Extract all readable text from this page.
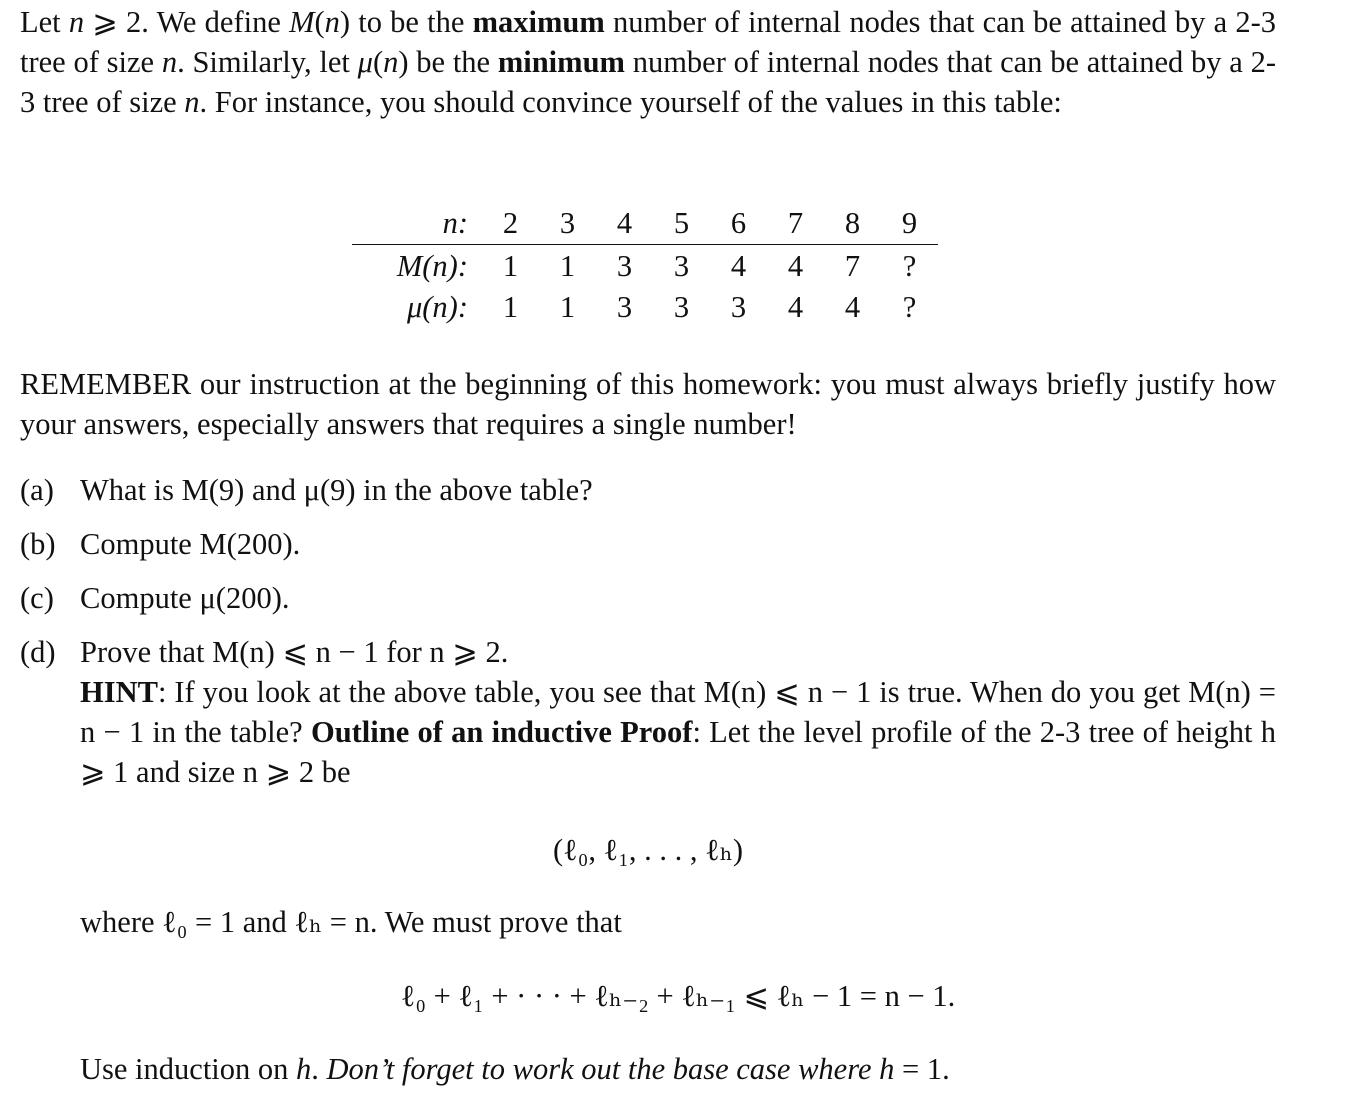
Let n ⩾ 2. We define M(n) to be the maximum number of internal nodes that can be attained by a 2-3 tree of size n. Similarly, let μ(n) be the minimum number of internal nodes that can be attained by a 2-3 tree of size n. For instance, you should convince yourself of the values in this table:

n:	2	3	4	5	6	7	8	9
M(n):	1	1	3	3	4	4	7	?
μ(n):	1	1	3	3	3	4	4	?

REMEMBER our instruction at the beginning of this homework: you must always briefly justify how your answers, especially answers that requires a single number!

(a) What is M(9) and μ(9) in the above table?
(b) Compute M(200).
(c) Compute μ(200).
(d) Prove that M(n) ⩽ n − 1 for n ⩾ 2.

HINT: If you look at the above table, you see that M(n) ⩽ n − 1 is true. When do you get M(n) = n − 1 in the table? Outline of an inductive Proof: Let the level profile of the 2-3 tree of height h ⩾ 1 and size n ⩾ 2 be

(ℓ₀, ℓ₁, . . . , ℓₕ)

where ℓ₀ = 1 and ℓₕ = n. We must prove that

ℓ₀ + ℓ₁ + · · · + ℓₕ₋₂ + ℓₕ₋₁ ⩽ ℓₕ − 1 = n − 1.

Use induction on h. Don’t forget to work out the base case where h = 1.
